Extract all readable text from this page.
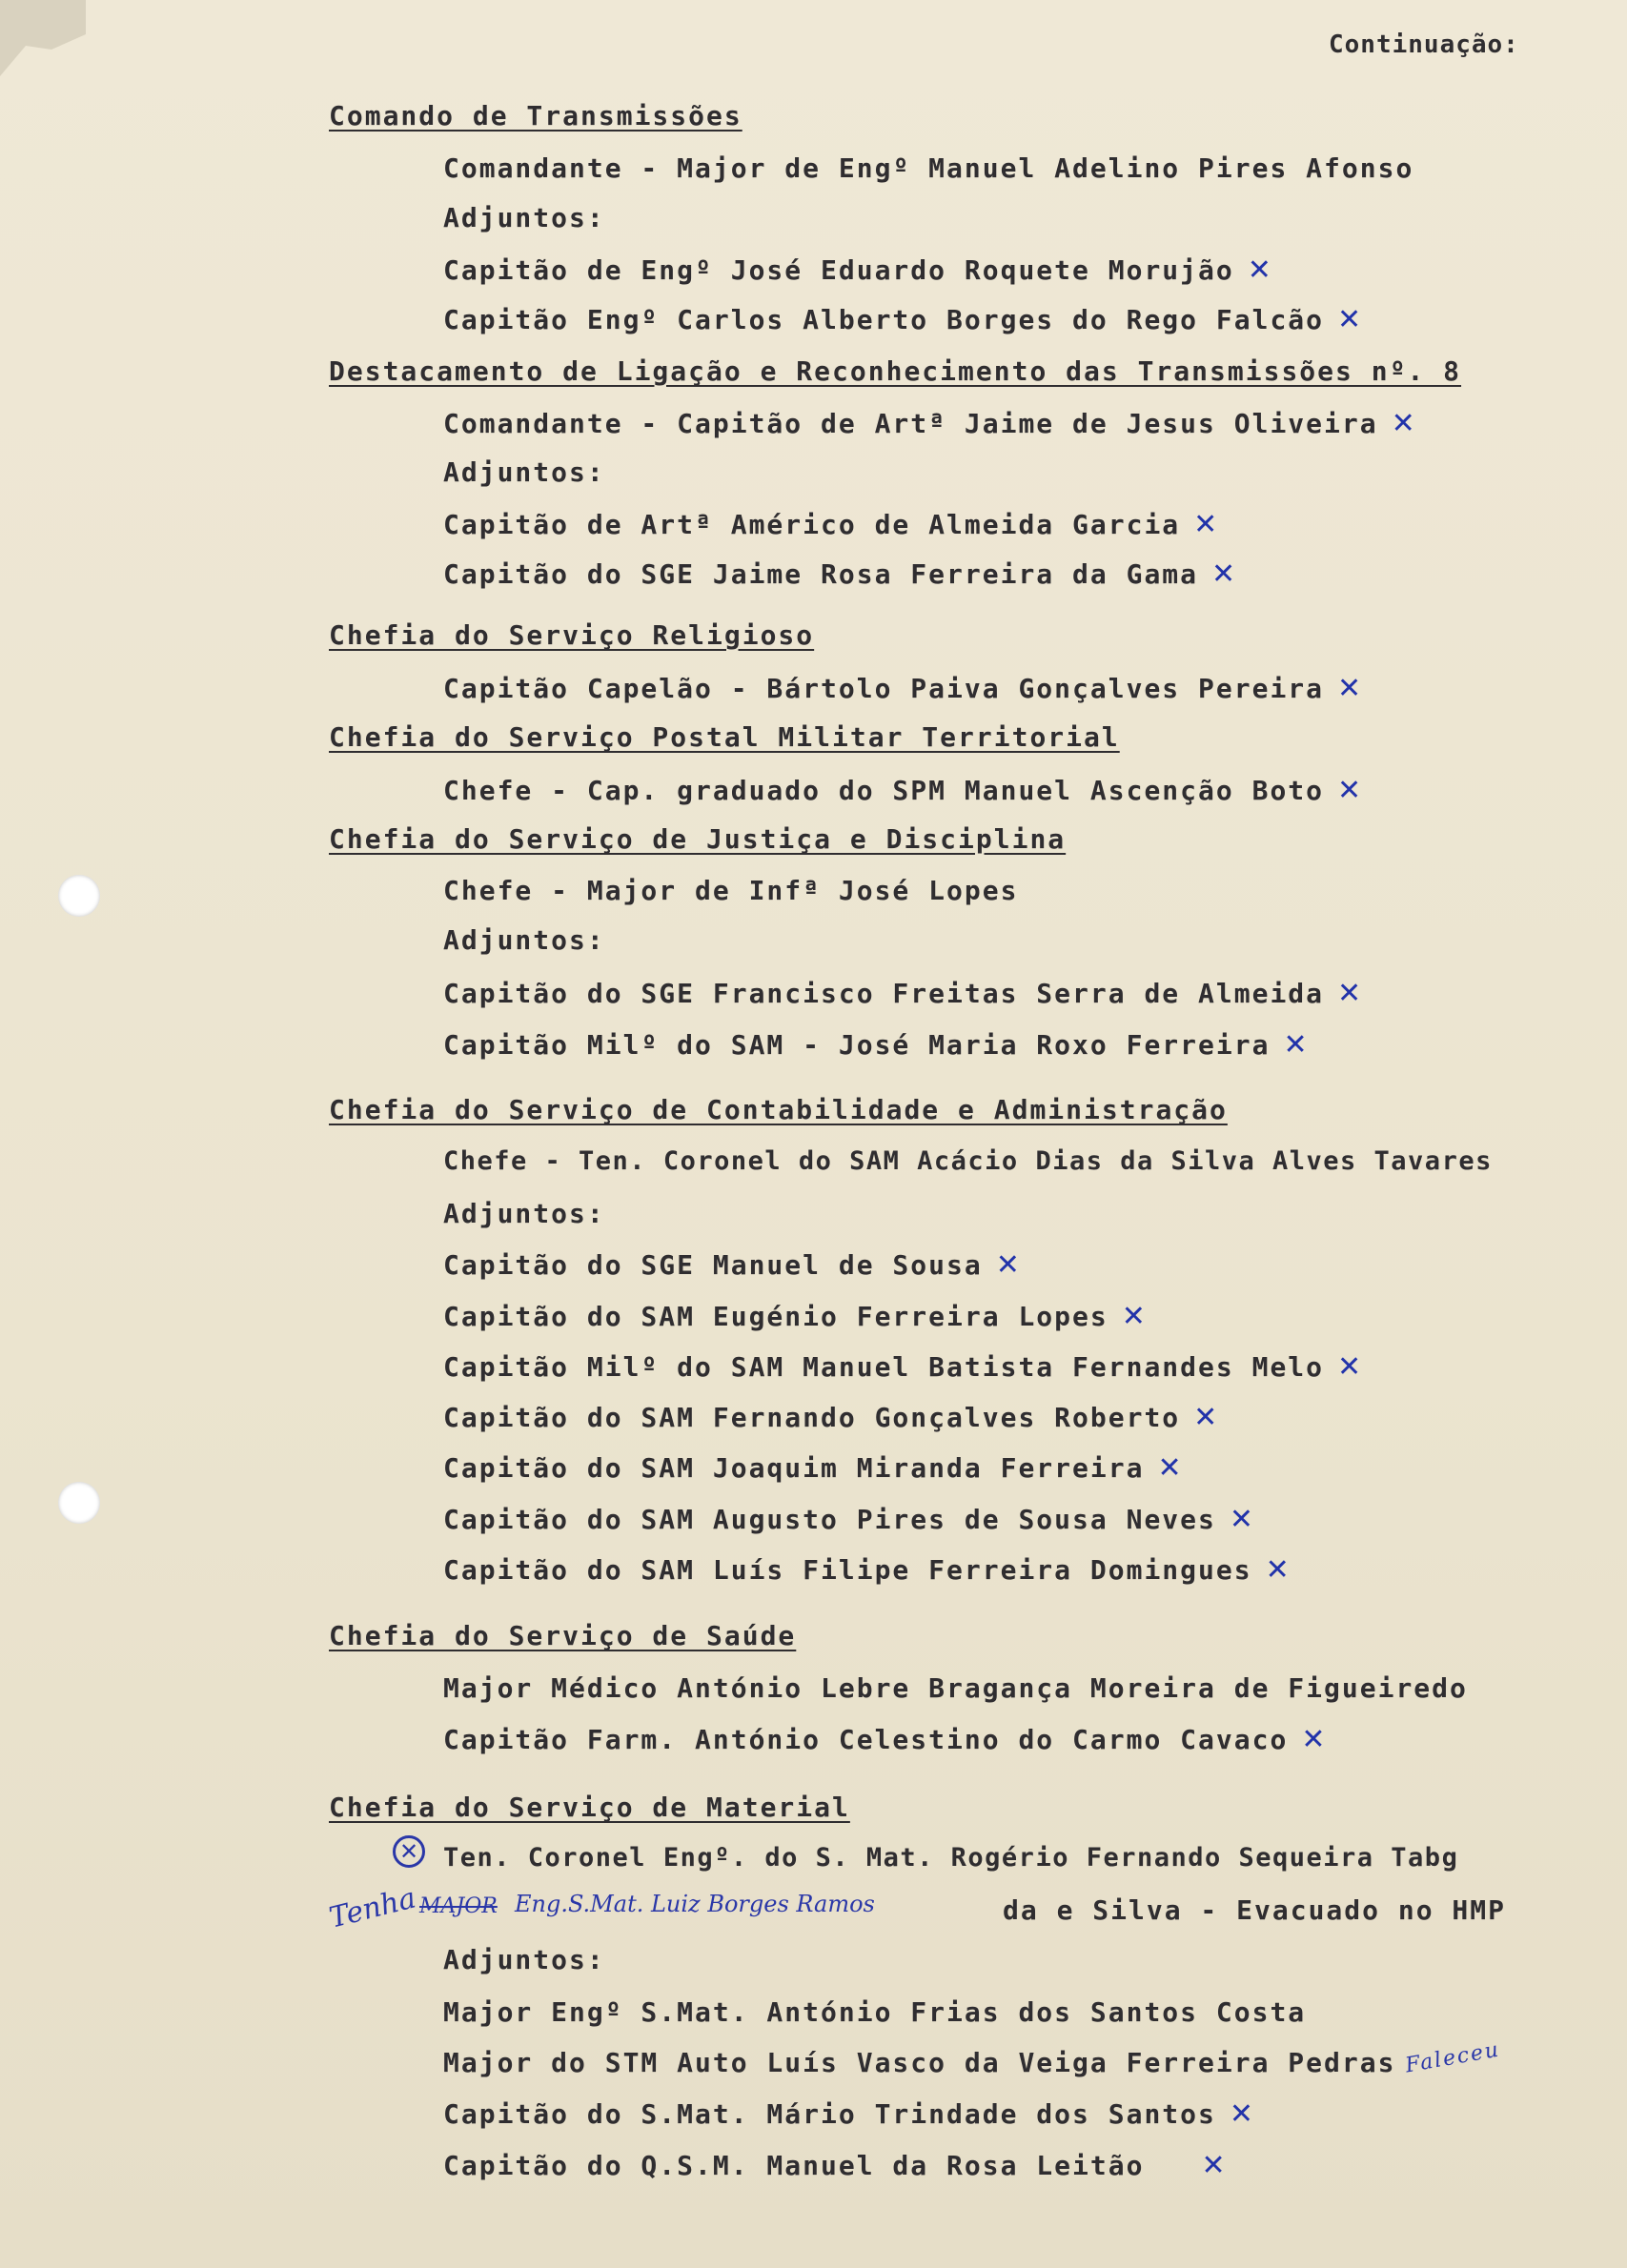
Continuação:
Comando de Transmissões
Comandante - Major de Engº Manuel Adelino Pires Afonso
Adjuntos:
Capitão de Engº José Eduardo Roquete Morujão ✕
Capitão Engº Carlos Alberto Borges do Rego Falcão ✕
Destacamento de Ligação e Reconhecimento das Transmissões nº. 8
Comandante - Capitão de Artª Jaime de Jesus Oliveira ✕
Adjuntos:
Capitão de Artª Américo de Almeida Garcia ✕
Capitão do SGE Jaime Rosa Ferreira da Gama ✕
Chefia do Serviço Religioso
Capitão Capelão - Bártolo Paiva Gonçalves Pereira ✕
Chefia do Serviço Postal Militar Territorial
Chefe - Cap. graduado do SPM Manuel Ascenção Boto ✕
Chefia do Serviço de Justiça e Disciplina
Chefe - Major de Infª José Lopes
Adjuntos:
Capitão do SGE Francisco Freitas Serra de Almeida ✕
Capitão Milº do SAM - José Maria Roxo Ferreira ✕
Chefia do Serviço de Contabilidade e Administração
Chefe - Ten. Coronel do SAM Acácio Dias da Silva Alves Tavares
Adjuntos:
Capitão do SGE Manuel de Sousa ✕
Capitão do SAM Eugénio Ferreira Lopes ✕
Capitão Milº do SAM Manuel Batista Fernandes Melo ✕
Capitão do SAM Fernando Gonçalves Roberto ✕
Capitão do SAM Joaquim Miranda Ferreira ✕
Capitão do SAM Augusto Pires de Sousa Neves ✕
Capitão do SAM Luís Filipe Ferreira Domingues ✕
Chefia do Serviço de Saúde
Major Médico António Lebre Bragança Moreira de Figueiredo
Capitão Farm. António Celestino do Carmo Cavaco ✕
Chefia do Serviço de Material
✕ Ten. Coronel Engº. do S. Mat. Rogério Fernando Sequeira Tabg
Tenha MAJOR Eng.S.Mat. Luiz Borges Ramos	da e Silva - Evacuado no HMP
Adjuntos:
Major Engº S.Mat. António Frias dos Santos Costa
Major do STM Auto Luís Vasco da Veiga Ferreira Pedras Faleceu
Capitão do S.Mat. Mário Trindade dos Santos ✕
Capitão do Q.S.M. Manuel da Rosa Leitão ✕
